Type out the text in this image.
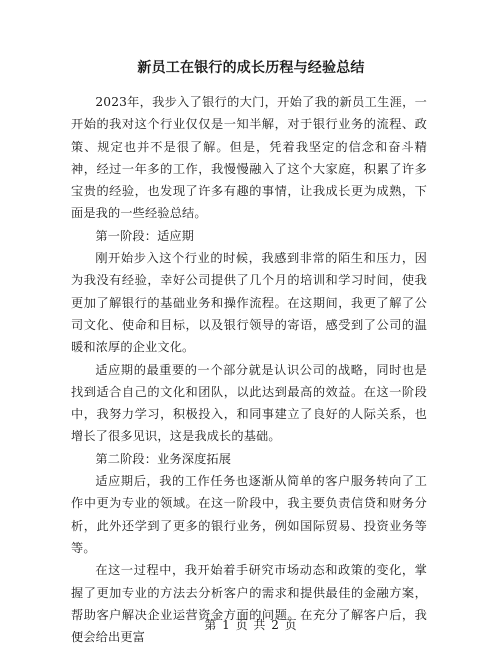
新员工在银行的成长历程与经验总结

2023年，我步入了银行的大门，开始了我的新员工生涯，一开始的我对这个行业仅仅是一知半解，对于银行业务的流程、政策、规定也并不是很了解。但是，凭着我坚定的信念和奋斗精神，经过一年多的工作，我慢慢融入了这个大家庭，积累了许多宝贵的经验，也发现了许多有趣的事情，让我成长更为成熟，下面是我的一些经验总结。

第一阶段：适应期

刚开始步入这个行业的时候，我感到非常的陌生和压力，因为我没有经验，幸好公司提供了几个月的培训和学习时间，使我更加了解银行的基础业务和操作流程。在这期间，我更了解了公司文化、使命和目标，以及银行领导的寄语，感受到了公司的温暖和浓厚的企业文化。

适应期的最重要的一个部分就是认识公司的战略，同时也是找到适合自己的文化和团队，以此达到最高的效益。在这一阶段中，我努力学习，积极投入，和同事建立了良好的人际关系，也增长了很多见识，这是我成长的基础。

第二阶段：业务深度拓展

适应期后，我的工作任务也逐渐从简单的客户服务转向了工作中更为专业的领域。在这一阶段中，我主要负责信贷和财务分析，此外还学到了更多的银行业务，例如国际贸易、投资业务等等。

在这一过程中，我开始着手研究市场动态和政策的变化，掌握了更加专业的方法去分析客户的需求和提供最佳的金融方案，帮助客户解决企业运营资金方面的问题。在充分了解客户后，我便会给出更富

第 1 页 共 2 页
